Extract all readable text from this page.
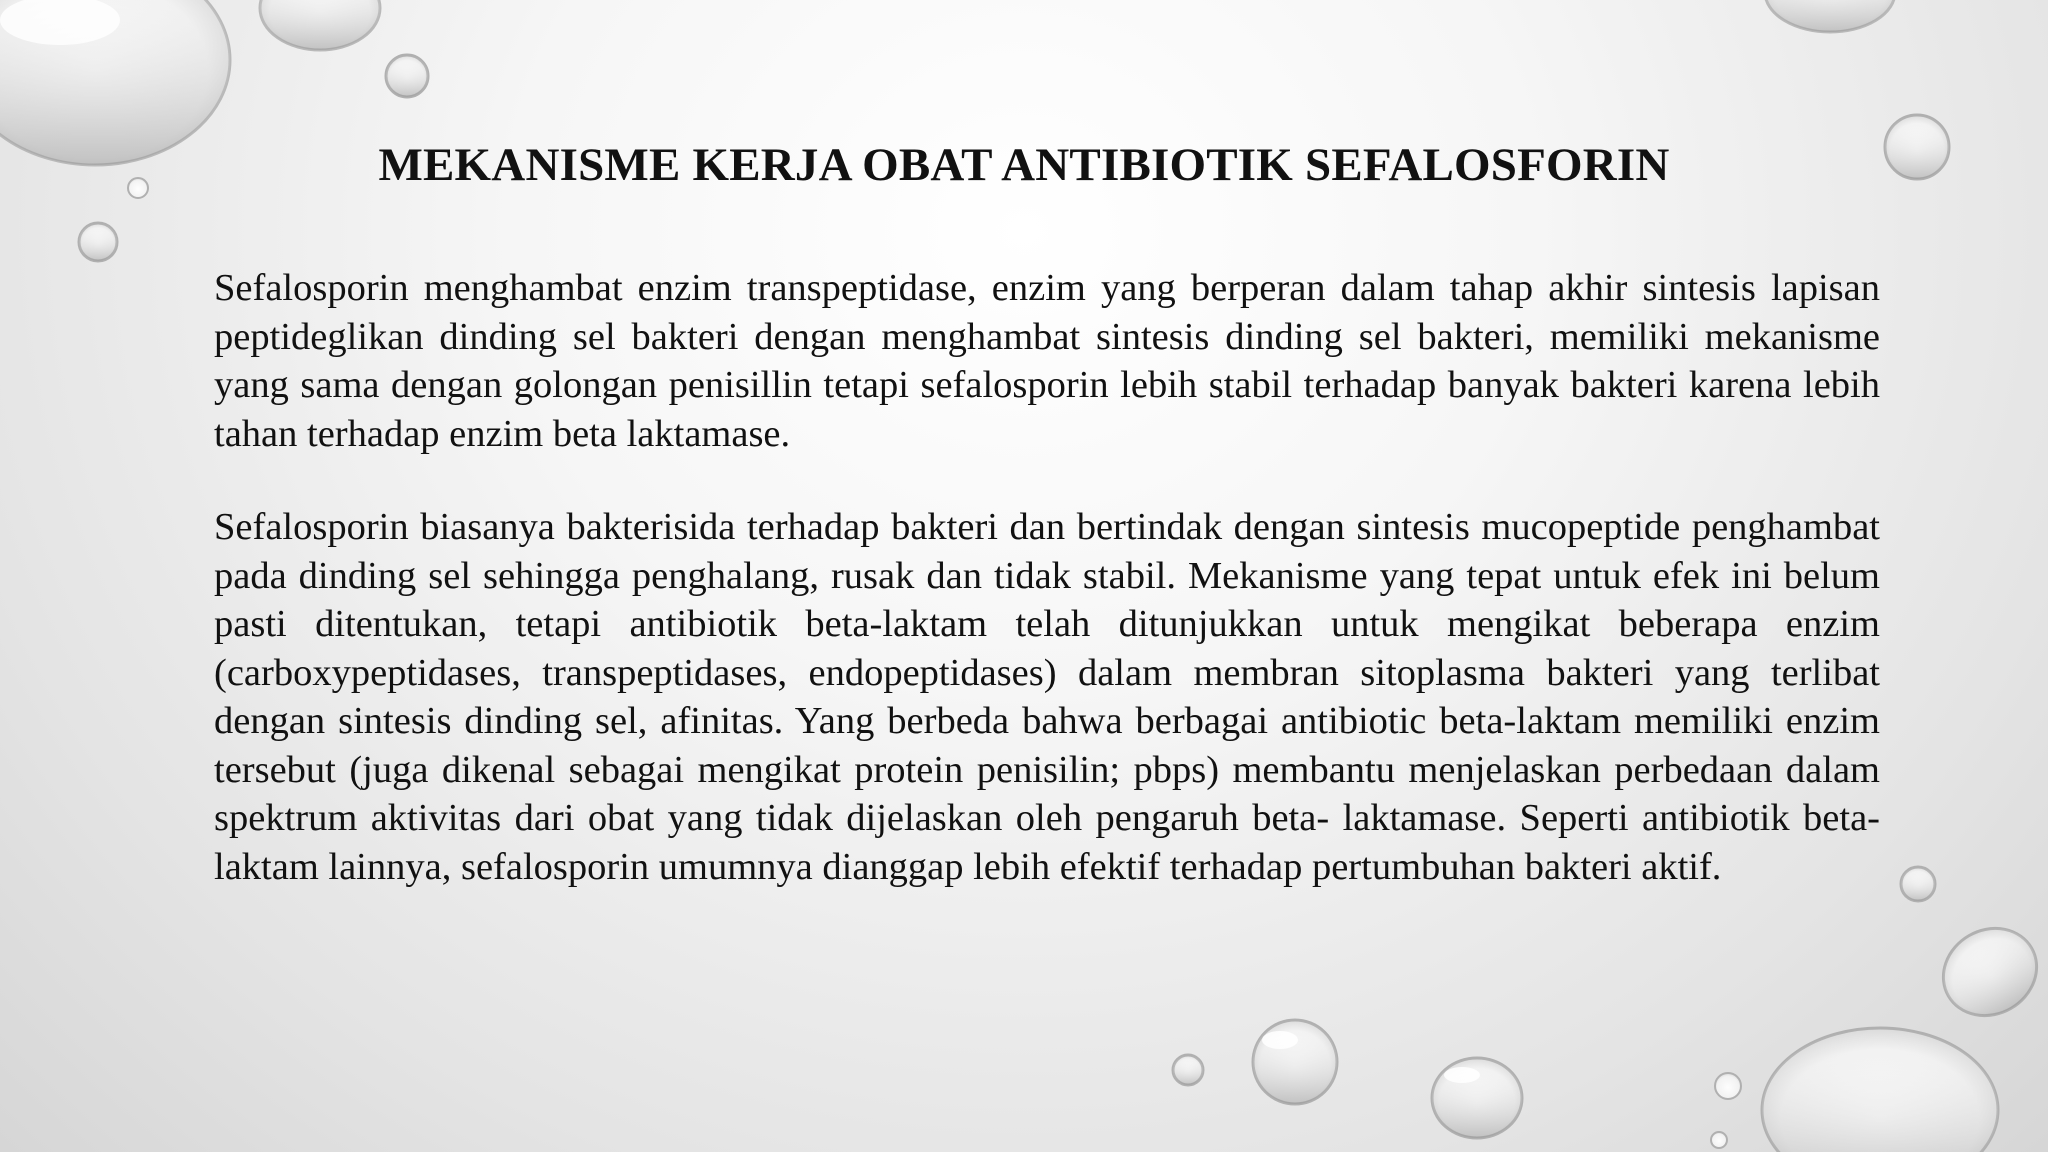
MEKANISME KERJA OBAT ANTIBIOTIK SEFALOSFORIN

Sefalosporin menghambat enzim transpeptidase, enzim yang berperan dalam tahap akhir sintesis lapisan peptideglikan dinding sel bakteri dengan menghambat sintesis dinding sel bakteri, memiliki mekanisme yang sama dengan golongan penisillin tetapi sefalosporin lebih stabil terhadap banyak bakteri karena lebih tahan terhadap enzim beta laktamase.

Sefalosporin biasanya bakterisida terhadap bakteri dan bertindak dengan sintesis mucopeptide penghambat pada dinding sel sehingga penghalang, rusak dan tidak stabil. Mekanisme yang tepat untuk efek ini belum pasti ditentukan, tetapi antibiotik beta-laktam telah ditunjukkan untuk mengikat beberapa enzim (carboxypeptidases, transpeptidases, endopeptidases) dalam membran sitoplasma bakteri yang terlibat dengan sintesis dinding sel, afinitas. Yang berbeda bahwa berbagai antibiotic beta-laktam memiliki enzim tersebut (juga dikenal sebagai mengikat protein penisilin; pbps) membantu menjelaskan perbedaan dalam spektrum aktivitas dari obat yang tidak dijelaskan oleh pengaruh beta- laktamase. Seperti antibiotik beta-laktam lainnya, sefalosporin umumnya dianggap lebih efektif terhadap pertumbuhan bakteri aktif.
